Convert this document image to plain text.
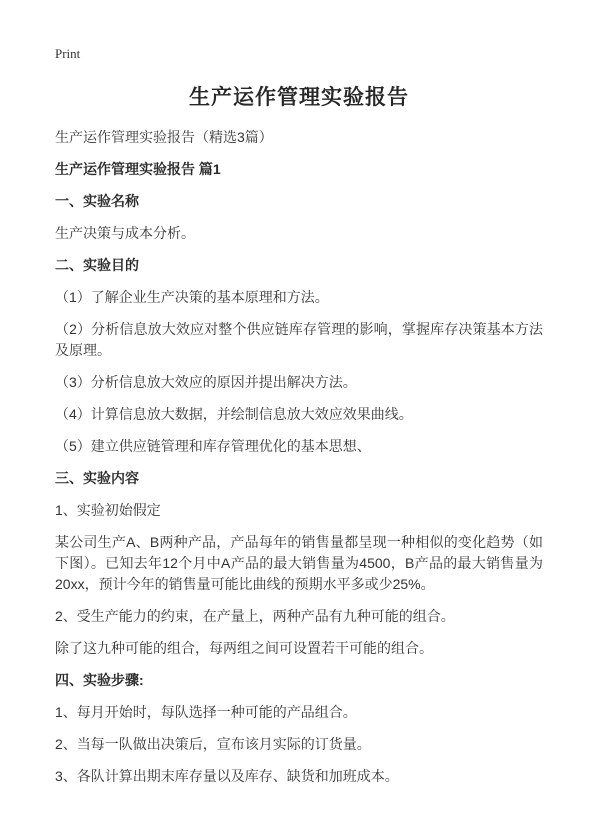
Print
生产运作管理实验报告

生产运作管理实验报告（精选3篇）

生产运作管理实验报告 篇1

一、实验名称

生产决策与成本分析。

二、实验目的

（1）了解企业生产决策的基本原理和方法。

（2）分析信息放大效应对整个供应链库存管理的影响，掌握库存决策基本方法及原理。

（3）分析信息放大效应的原因并提出解决方法。

（4）计算信息放大数据，并绘制信息放大效应效果曲线。

（5）建立供应链管理和库存管理优化的基本思想、

三、实验内容

1、实验初始假定

某公司生产A、B两种产品，产品每年的销售量都呈现一种相似的变化趋势（如下图）。已知去年12个月中A产品的最大销售量为4500，B产品的最大销售量为20xx，预计今年的销售量可能比曲线的预期水平多或少25%。

2、受生产能力的约束，在产量上，两种产品有九种可能的组合。

除了这九种可能的组合，每两组之间可设置若干可能的组合。

四、实验步骤:

1、每月开始时，每队选择一种可能的产品组合。

2、当每一队做出决策后，宣布该月实际的订货量。

3、各队计算出期末库存量以及库存、缺货和加班成本。
